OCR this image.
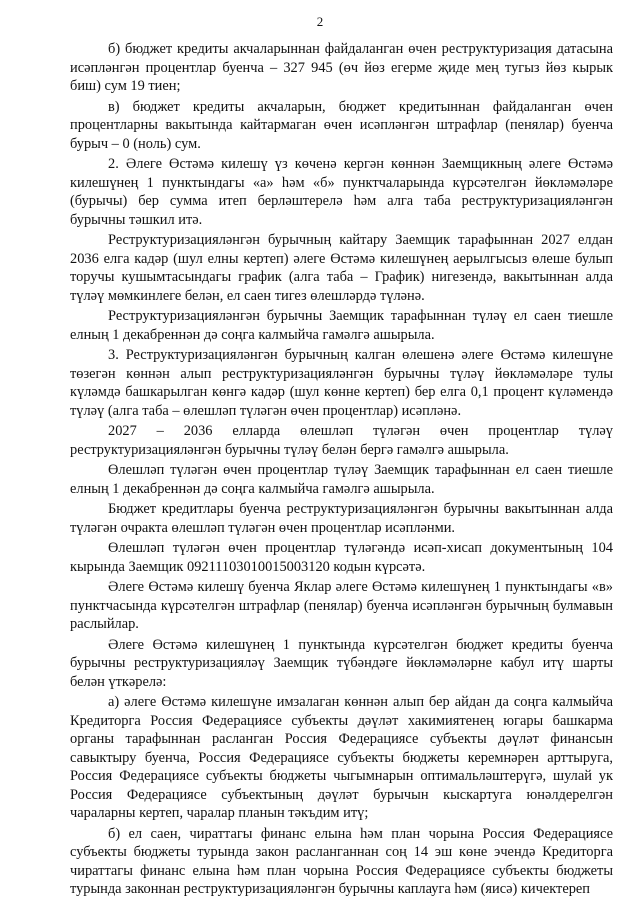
2

б) бюджет кредиты акчаларыннан файдаланган өчен реструктуризация датасына исәпләнгән процентлар буенча – 327 945 (өч йөз егерме җиде мең тугыз йөз кырык биш) сум 19 тиен;

в) бюджет кредиты акчаларын, бюджет кредитыннан файдаланган өчен процентларны вакытында кайтармаган өчен исәпләнгән штрафлар (пенялар) буенча бурыч – 0 (ноль) сум.

2. Әлеге Өстәмә килешү үз көченә кергән көннән Заемщикның әлеге Өстәмә килешүнең 1 пунктындагы «а» һәм «б» пунктчаларында күрсәтелгән йөкләмәләре (бурычы) бер сумма итеп берләштерелә һәм алга таба реструктуризацияләнгән бурычны тәшкил итә.

Реструктуризацияләнгән бурычның кайтару Заемщик тарафыннан 2027 елдан 2036 елга кадәр (шул елны кертеп) әлеге Өстәмә килешүнең аерылгысыз өлеше булып торучы кушымтасындагы график (алга таба – График) нигезендә, вакытыннан алда түләү мөмкинлеге белән, ел саен тигез өлешләрдә түләнә.

Реструктуризацияләнгән бурычны Заемщик тарафыннан түләү ел саен тиешле елның 1 декабреннән дә соңга калмыйча гамәлгә ашырыла.

3. Реструктуризацияләнгән бурычның калган өлешенә әлеге Өстәмә килешүне төзегән көннән алып реструктуризацияләнгән бурычны түләү йөкләмәләре тулы күләмдә башкарылган көнгә кадәр (шул көнне кертеп) бер елга 0,1 процент күләмендә түләү (алга таба – өлешләп түләгән өчен процентлар) исәпләнә.

2027 – 2036 елларда өлешләп түләгән өчен процентлар түләү реструктуризацияләнгән бурычны түләү белән бергә гамәлгә ашырыла.

Өлешләп түләгән өчен процентлар түләү Заемщик тарафыннан ел саен тиешле елның 1 декабреннән дә соңга калмыйча гамәлгә ашырыла.

Бюджет кредитлары буенча реструктуризацияләнгән бурычны вакытыннан алда түләгән очракта өлешләп түләгән өчен процентлар исәпләнми.

Өлешләп түләгән өчен процентлар түләгәндә исәп-хисап документының 104 кырында Заемщик 09211103010015003120 кодын күрсәтә.

Әлеге Өстәмә килешү буенча Яклар әлеге Өстәмә килешүнең 1 пунктындагы «в» пунктчасында күрсәтелгән штрафлар (пенялар) буенча исәпләнгән бурычның булмавын раслыйлар.

Әлеге Өстәмә килешүнең 1 пунктында күрсәтелгән бюджет кредиты буенча бурычны реструктуризацияләү Заемщик түбәндәге йөкләмәләрне кабул итү шарты белән үткәрелә:

а) әлеге Өстәмә килешүне имзалаган көннән алып бер айдан да соңга калмыйча Кредиторга Россия Федерациясе субъекты дәүләт хакимиятенең югары башкарма органы тарафыннан расланган Россия Федерациясе субъекты дәүләт финансын савыктыру буенча, Россия Федерациясе субъекты бюджеты керемнәрен арттыруга, Россия Федерациясе субъекты бюджеты чыгымнарын оптимальләштерүгә, шулай ук Россия Федерациясе субъектының дәүләт бурычын кыскартуга юнәлдерелгән чараларны кертеп, чаралар планын тәкъдим итү;

б) ел саен, чираттагы финанс елына һәм план чорына Россия Федерациясе субъекты бюджеты турында закон расланганнан соң 14 эш көне эчендә Кредиторга чираттагы финанс елына һәм план чорына Россия Федерациясе субъекты бюджеты турында законнан реструктуризацияләнгән бурычны каплауга һәм (яисә) кичектереп
